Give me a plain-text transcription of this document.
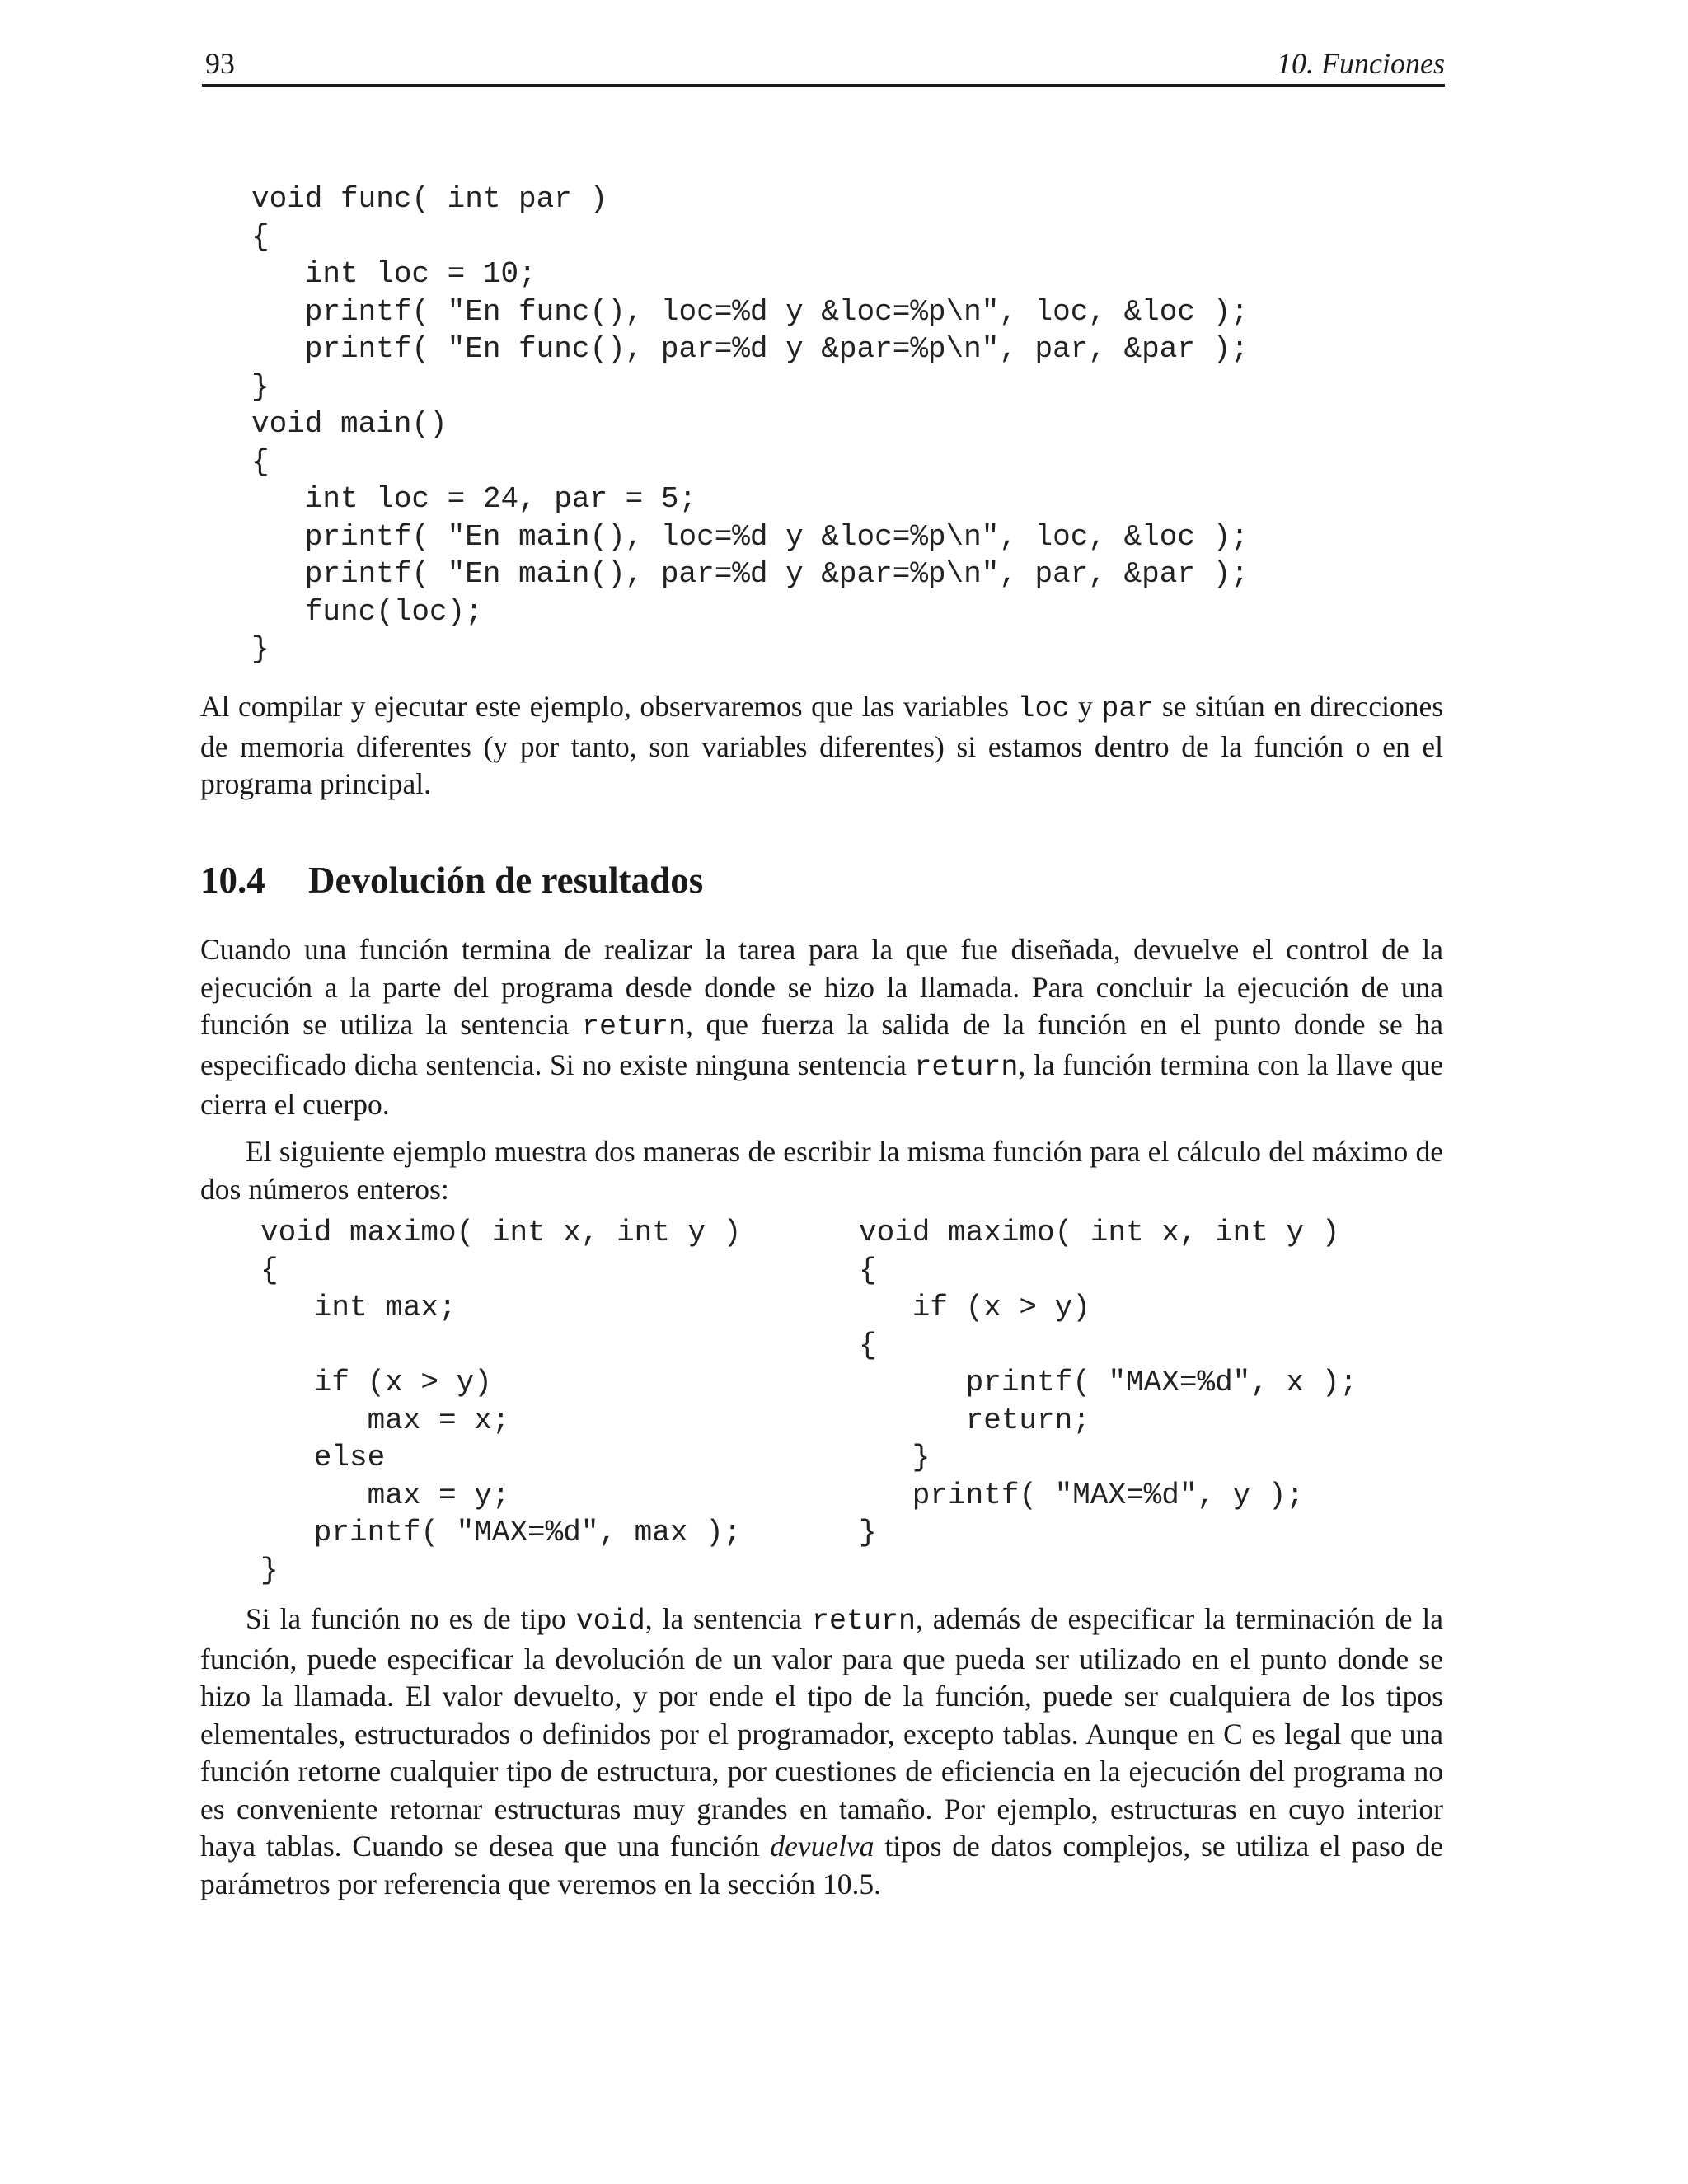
93	10. Funciones
void func( int par )
{
int loc = 10;
printf( "En func(), loc=%d y &loc=%p\n", loc, &loc );
printf( "En func(), par=%d y &par=%p\n", par, &par );
}
void main()
{
int loc = 24, par = 5;
printf( "En main(), loc=%d y &loc=%p\n", loc, &loc );
printf( "En main(), par=%d y &par=%p\n", par, &par );
func(loc);
}

Al compilar y ejecutar este ejemplo, observaremos que las variables loc y par se sitúan en direcciones de memoria diferentes (y por tanto, son variables diferentes) si estamos dentro de la función o en el programa principal.

10.4 Devolución de resultados

Cuando una función termina de realizar la tarea para la que fue diseñada, devuelve el control de la ejecución a la parte del programa desde donde se hizo la llamada. Para concluir la ejecución de una función se utiliza la sentencia return, que fuerza la salida de la función en el punto donde se ha especificado dicha sentencia. Si no existe ninguna sentencia return, la función termina con la llave que cierra el cuerpo.

El siguiente ejemplo muestra dos maneras de escribir la misma función para el cálculo del máximo de dos números enteros:

void maximo( int x, int y )
{
int max;
if (x > y)
max = x;
else
max = y;
printf( "MAX=%d", max );
}
void maximo( int x, int y )
{
if (x > y)
{
printf( "MAX=%d", x );
return;
}
printf( "MAX=%d", y );
}

Si la función no es de tipo void, la sentencia return, además de especificar la terminación de la función, puede especificar la devolución de un valor para que pueda ser utilizado en el punto donde se hizo la llamada. El valor devuelto, y por ende el tipo de la función, puede ser cualquiera de los tipos elementales, estructurados o definidos por el programador, excepto tablas. Aunque en C es legal que una función retorne cualquier tipo de estructura, por cuestiones de eficiencia en la ejecución del programa no es conveniente retornar estructuras muy grandes en tamaño. Por ejemplo, estructuras en cuyo interior haya tablas. Cuando se desea que una función devuelva tipos de datos complejos, se utiliza el paso de parámetros por referencia que veremos en la sección 10.5.
